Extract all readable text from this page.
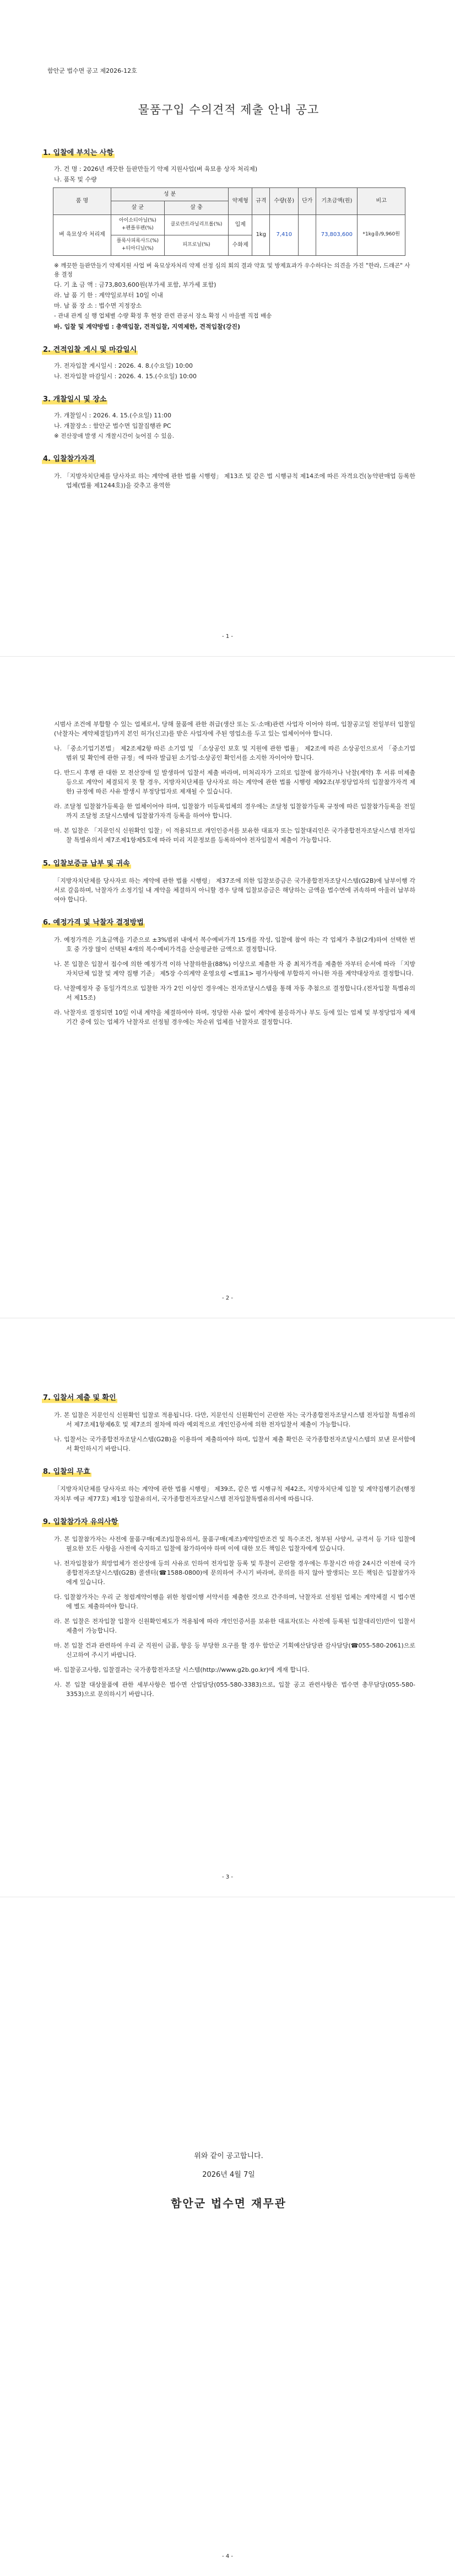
함안군 법수면 공고 제2026-12호
물품구입 수의견적 제출 안내 공고
1. 입찰에 부치는 사항
가. 건 명 : 2026년 깨끗한 들판만들기 약제 지원사업(벼 육묘용 상자 처리제)
나. 품목 및 수량
품 명	성 분		약제형	규격	수량(봉)	단가	기초금액(원)	비고
	살 균	살 충						
벼 육묘상자 처리제	아이소티아닐(%)
+펜플루펜(%)	클로란트라닐리프롤(%)	입제	1kg	7,410		73,803,600	*1kg용/9,960원

	플룩사피록사드(%)
+티아디닐(%)	피프로닐(%)	수화제					
※ 깨끗한 들판만들기 약제지원 사업 벼 육묘상자처리 약제 선정 심의 회의 결과 약효 및 방제효과가 우수하다는 의견을 가진 "한라, 드래곤" 사용 결정
다. 기 초 금 액 : 금73,803,600원(부가세 포함, 부가세 포함)
라. 납 품 기 한 : 계약일로부터 10일 이내
마. 납 품 장 소 : 법수면 지정장소
- 관내 관계 실 행 업체별 수량 확정 후 현장 관련 관공서 장소 확정 시 마을별 직접 배송
바. 입찰 및 계약방법 : 총액입찰, 견적입찰, 지역제한, 견적입찰(강진)
2. 견적입찰 게시 및 마감일시
가. 전자입찰 게시일시 : 2026. 4. 8.(수요일) 10:00
나. 전자입찰 마감일시 : 2026. 4. 15.(수요일) 10:00
3. 개찰일시 및 장소
가. 개찰일시 : 2026. 4. 15.(수요일) 11:00
나. 개찰장소 : 함안군 법수면 입찰집행관 PC
※ 전산장애 발생 시 개찰시간이 늦어질 수 있음.
4. 입찰참가자격
가. 「지방자치단체를 당사자로 하는 계약에 관한 법률 시행령」 제13조 및 같은 법 시행규칙 제14조에 따른 자격요건(농약판매업 등록한 업체(법률 제1244호))을 갖추고 용역한
- 1 -
시범사 조건에 부합할 수 있는 업체로서, 당해 물품에 관한 취급(생산 또는 도·소매)관련 사업자 이어야 하며, 입찰공고일 전일부터 입찰일(낙찰자는 계약체결일)까지 본인 허가(신고)를 받은 사업자에 주된 영업소를 두고 있는 업체이어야 합니다.
나. 「중소기업기본법」 제2조제2항 따른 소기업 및 「소상공인 보호 및 지원에 관한 법률」 제2조에 따른 소상공인으로서 「중소기업 범위 및 확인에 관한 규정」에 따라 발급된 소기업·소상공인 확인서를 소지한 자이어야 합니다.
다. 반드시 후행 관 대한 모 전산장애 일 발생하여 입찰서 제출 바라며, 미처리자가 고의로 입찰에 참가하거나 낙찰(계약) 후 서류 미제출 등으로 계약이 체결되지 못 할 경우, 지방자치단체를 당사자로 하는 계약에 관한 법률 시행령 제92조(부정당업자의 입찰참가자격 제한) 규정에 따른 사유 발생시 부정당업자로 제재될 수 있습니다.
라. 조달청 입찰참가등록을 한 업체이어야 하며, 입찰참가 미등록업체의 경우에는 조달청 입찰참가등록 규정에 따른 입찰참가등록을 전일까지 조달청 조달시스템에 입찰참가자격 등록을 하여야 합니다.
마. 본 입찰은 「지문인식 신원확인 입찰」이 적용되므로 개인인증서를 보유한 대표자 또는 입찰대리인은 국가종합전자조달시스템 전자입찰 특별유의서 제7조제1항제5호에 따라 미리 지문정보를 등록하여야 전자입찰서 제출이 가능합니다.
5. 입찰보증금 납부 및 귀속
「지방자치단체를 당사자로 하는 계약에 관한 법률 시행령」 제37조에 의한 입찰보증금은 국가종합전자조달시스템(G2B)에 납부이행 각서로 갈음하며, 낙찰자가 소정기일 내 계약을 체결하지 아니할 경우 당해 입찰보증금은 해당하는 금액을 법수면에 귀속하며 아울러 납부하여야 합니다.
6. 예정가격 및 낙찰자 결정방법
가. 예정가격은 기초금액을 기준으로 ±3%범위 내에서 복수예비가격 15개를 작성, 입찰에 참여 하는 각 업체가 추첨(2개)하여 선택한 번호 중 가장 많이 선택된 4개의 복수예비가격을 산술평균한 금액으로 결정합니다.
나. 본 입찰은 입찰서 접수에 의한 예정가격 이하 낙찰하한율(88%) 이상으로 제출한 자 중 최저가격을 제출한 자부터 순서에 따라 「지방자치단체 입찰 및 계약 집행 기준」 제5장 수의계약 운영요령 <별표1> 평가사항에 부합하지 아니한 자를 계약대상자로 결정합니다.
다. 낙찰예정자 중 동일가격으로 입찰한 자가 2인 이상인 경우에는 전자조달시스템을 통해 자동 추첨으로 결정합니다.(전자입찰 특별유의서 제15조)
라. 낙찰자로 결정되면 10일 이내 계약을 체결하여야 하며, 정당한 사유 없이 계약에 불응하거나 부도 등에 있는 업체 및 부정당업자 제재 기간 중에 있는 업체가 낙찰자로 선정될 경우에는 차순위 업체를 낙찰자로 결정합니다.
- 2 -
7. 입찰서 제출 및 확인
가. 본 입찰은 지문인식 신원확인 입찰로 적용됩니다. 다만, 지문인식 신원확인이 곤란한 자는 국가종합전자조달시스템 전자입찰 특별유의서 제7조제1항제6호 및 제7조의 절차에 따라 예외적으로 개인인증서에 의한 전자입찰서 제출이 가능합니다.
나. 입찰서는 국가종합전자조달시스템(G2B)을 이용하여 제출하여야 하며, 입찰서 제출 확인은 국가종합전자조달시스템의 보낸 문서함에서 확인하시기 바랍니다.
8. 입찰의 무효
「지방자치단체를 당사자로 하는 계약에 관한 법률 시행령」 제39조, 같은 법 시행규칙 제42조, 지방자치단체 입찰 및 계약집행기준(행정자치부 예규 제77호) 제1장 입찰유의서, 국가종합전자조달시스템 전자입찰특별유의서에 따릅니다.
9. 입찰참가자 유의사항
가. 본 입찰참가자는 사전에 물품구매(제조)입찰유의서, 물품구매(제조)계약일반조건 및 특수조건, 청부된 사양서, 규격서 등 기타 입찰에 필요한 모든 사항을 사전에 숙지하고 입찰에 참가하여야 하며 이에 대한 모든 책임은 입찰자에게 있습니다.
나. 전자입찰참가 희망업체가 전산장애 등의 사유로 인하여 전자입찰 등록 및 투찰이 곤란할 경우에는 투찰시간 마감 24시간 이전에 국가종합전자조달시스템(G2B) 콜센터(☎1588-0800)에 문의하여 주시기 바라며, 문의를 하지 않아 발생되는 모든 책임은 입찰참가자에게 있습니다.
다. 입찰참가자는 우리 군 청렴계약이행을 위한 청렴이행 서약서를 제출한 것으로 간주하며, 낙찰자로 선정된 업체는 계약체결 시 법수면에 별도 제출하여야 합니다.
라. 본 입찰은 전자입찰 입찰자 신원확인제도가 적용됨에 따라 개인인증서를 보유한 대표자(또는 사전에 등록된 입찰대리인)만이 입찰서 제출이 가능합니다.
마. 본 입찰 건과 관련하여 우리 군 직원이 금품, 향응 등 부당한 요구를 할 경우 함안군 기획예산담당관 감사담당(☎055-580-2061)으로 신고하여 주시기 바랍니다.
바. 입찰공고사항, 입찰결과는 국가종합전자조달 시스템(http://www.g2b.go.kr)에 게재 합니다.
사. 본 입찰 대상물품에 관한 세부사항은 법수면 산업담당(055-580-3383)으로, 입찰 공고 관련사항은 법수면 총무담당(055-580-3353)으로 문의하시기 바랍니다.
- 3 -
위와 같이 공고합니다.
2026년 4월 7일
함안군 법수면 재무관
- 4 -
